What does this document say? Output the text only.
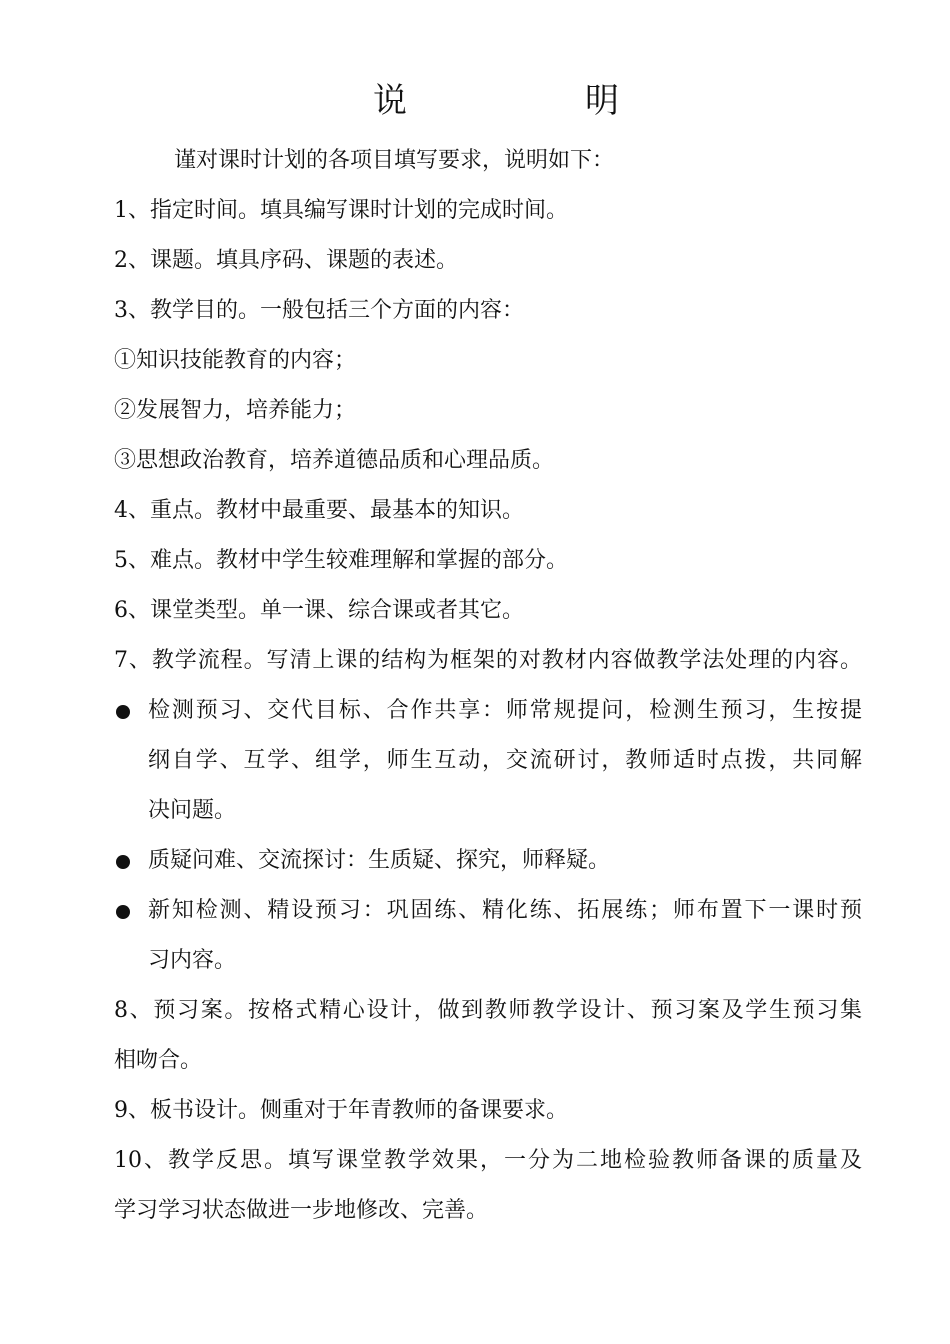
说	明
谨对课时计划的各项目填写要求，说明如下：
1、指定时间。填具编写课时计划的完成时间。
2、课题。填具序码、课题的表述。
3、教学目的。一般包括三个方面的内容：
①知识技能教育的内容；
②发展智力，培养能力；
③思想政治教育，培养道德品质和心理品质。
4、重点。教材中最重要、最基本的知识。
5、难点。教材中学生较难理解和掌握的部分。
6、课堂类型。单一课、综合课或者其它。
7、教学流程。写清上课的结构为框架的对教材内容做教学法处理的内容。
检测预习、交代目标、合作共享：师常规提问，检测生预习，生按提
纲自学、互学、组学，师生互动，交流研讨，教师适时点拨，共同解
决问题。
质疑问难、交流探讨：生质疑、探究，师释疑。
新知检测、精设预习：巩固练、精化练、拓展练；师布置下一课时预
习内容。
8、预习案。按格式精心设计，做到教师教学设计、预习案及学生预习集
相吻合。
9、板书设计。侧重对于年青教师的备课要求。
10、教学反思。填写课堂教学效果，一分为二地检验教师备课的质量及
学习学习状态做进一步地修改、完善。
